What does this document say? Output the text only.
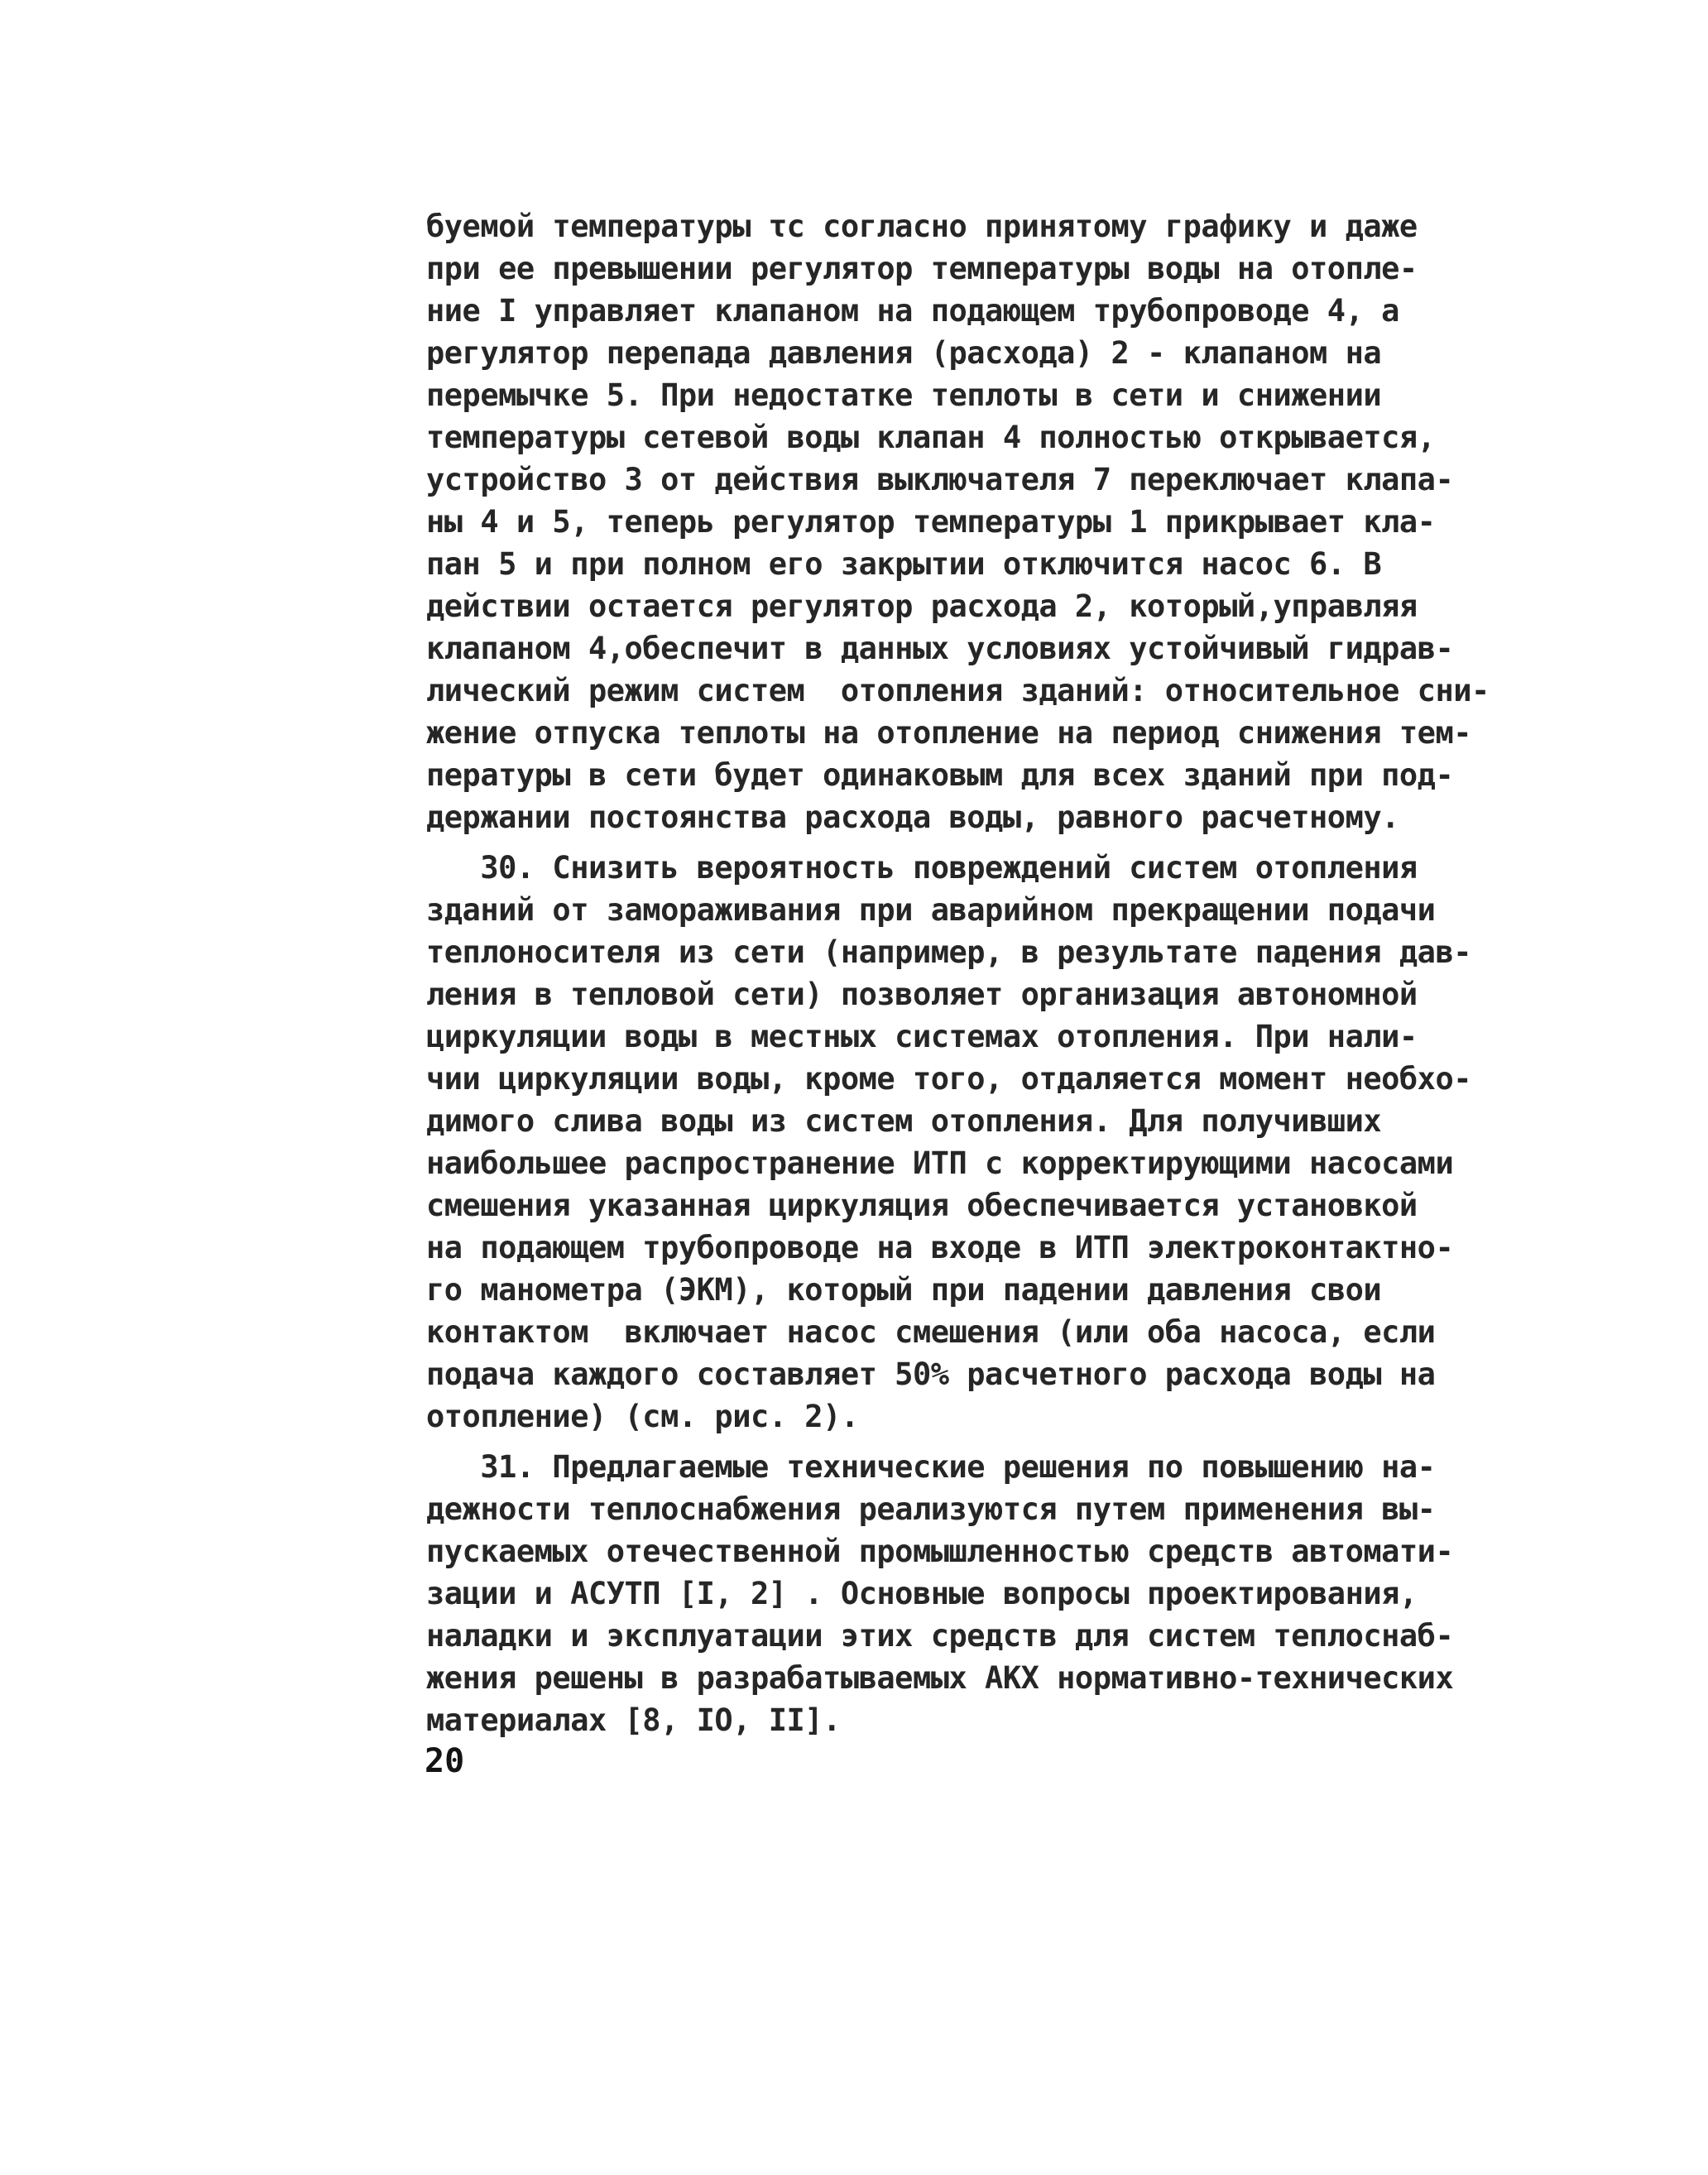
буемой температуры τс согласно принятому графику и даже
при ее превышении регулятор температуры воды на отопле-
ние I управляет клапаном на подающем трубопроводе 4, а
регулятор перепада давления (расхода) 2 - клапаном на
перемычке 5. При недостатке теплоты в сети и снижении
температуры сетевой воды клапан 4 полностью открывается,
устройство 3 от действия выключателя 7 переключает клапа-
ны 4 и 5, теперь регулятор температуры 1 прикрывает кла-
пан 5 и при полном его закрытии отключится насос 6. В
действии остается регулятор расхода 2, который,управляя
клапаном 4,обеспечит в данных условиях устойчивый гидрав-
лический режим систем  отопления зданий: относительное сни-
жение отпуска теплоты на отопление на период снижения тем-
пературы в сети будет одинаковым для всех зданий при под-
держании постоянства расхода воды, равного расчетному.
30. Снизить вероятность повреждений систем отопления
зданий от замораживания при аварийном прекращении подачи
теплоносителя из сети (например, в результате падения дав-
ления в тепловой сети) позволяет организация автономной
циркуляции воды в местных системах отопления. При нали-
чии циркуляции воды, кроме того, отдаляется момент необхо-
димого слива воды из систем отопления. Для получивших
наибольшее распространение ИТП с корректирующими насосами
смешения указанная циркуляция обеспечивается установкой
на подающем трубопроводе на входе в ИТП электроконтактно-
го манометра (ЭКМ), который при падении давления свои
контактом  включает насос смешения (или оба насоса, если
подача каждого составляет 50% расчетного расхода воды на
отопление) (см. рис. 2).
31. Предлагаемые технические решения по повышению на-
дежности теплоснабжения реализуются путем применения вы-
пускаемых отечественной промышленностью средств автомати-
зации и АСУТП [I, 2] . Основные вопросы проектирования,
наладки и эксплуатации этих средств для систем теплоснаб-
жения решены в разрабатываемых АКХ нормативно-технических
материалах [8, IO, II].
20
